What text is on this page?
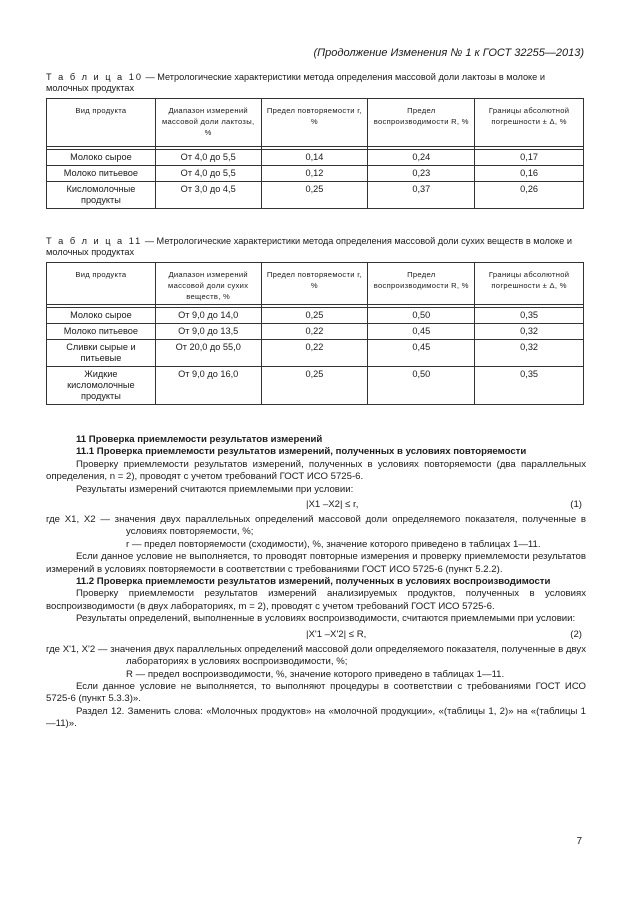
(Продолжение Изменения № 1 к ГОСТ 32255—2013)
Т а б л и ц а 10 — Метрологические характеристики метода определения массовой доли лактозы в молоке и молочных продуктах
Вид продукта	Диапазон измерений массовой доли лактозы, %	Предел повторяемости r, %	Предел воспроизводимости R, %	Границы абсолютной погрешности ± Δ, %

Молоко сырое	От 4,0 до 5,5	0,14	0,24	0,17
Молоко питьевое	От 4,0 до 5,5	0,12	0,23	0,16
Кисломолочные продукты	От 3,0 до 4,5	0,25	0,37	0,26
Т а б л и ц а 11 — Метрологические характеристики метода определения массовой доли сухих веществ в молоке и молочных продуктах
Вид продукта	Диапазон измерений массовой доли сухих веществ, %	Предел повторяемости r, %	Предел воспроизводимости R, %	Границы абсолютной погрешности ± Δ, %

Молоко сырое	От 9,0 до 14,0	0,25	0,50	0,35
Молоко питьевое	От 9,0 до 13,5	0,22	0,45	0,32
Сливки сырые и питьевые	От 20,0 до 55,0	0,22	0,45	0,32
Жидкие кисломолочные продукты	От 9,0 до 16,0	0,25	0,50	0,35

11 Проверка приемлемости результатов измерений

11.1 Проверка приемлемости результатов измерений, полученных в условиях повторяемости

Проверку приемлемости результатов измерений, полученных в условиях повторяемости (два параллельных определения, n = 2), проводят с учетом требований ГОСТ ИСО 5725-6.

Результаты измерений считаются приемлемыми при условии:

|X1 –X2| ≤ r,	(1)

где X1, X2 — значения двух параллельных определений массовой доли определяемого показателя, полученные в условиях повторяемости, %;

r — предел повторяемости (сходимости), %, значение которого приведено в таблицах 1—11.

Если данное условие не выполняется, то проводят повторные измерения и проверку приемлемости результатов измерений в условиях повторяемости в соответствии с требованиями ГОСТ ИСО 5725-6 (пункт 5.2.2).

11.2 Проверка приемлемости результатов измерений, полученных в условиях воспроизводимости

Проверку приемлемости результатов измерений анализируемых продуктов, полученных в условиях воспроизводимости (в двух лабораториях, m = 2), проводят с учетом требований ГОСТ ИСО 5725-6.

Результаты определений, выполненные в условиях воспроизводимости, считаются приемлемыми при условии:

|X'1 –X'2| ≤ R,	(2)

где X'1, X'2 — значения двух параллельных определений массовой доли определяемого показателя, полученные в двух лабораториях в условиях воспроизводимости, %;

R — предел воспроизводимости, %, значение которого приведено в таблицах 1—11.

Если данное условие не выполняется, то выполняют процедуры в соответствии с требованиями ГОСТ ИСО 5725-6 (пункт 5.3.3)».

Раздел 12. Заменить слова: «Молочных продуктов» на «молочной продукции», «(таблицы 1, 2)» на «(таблицы 1—11)».

7
